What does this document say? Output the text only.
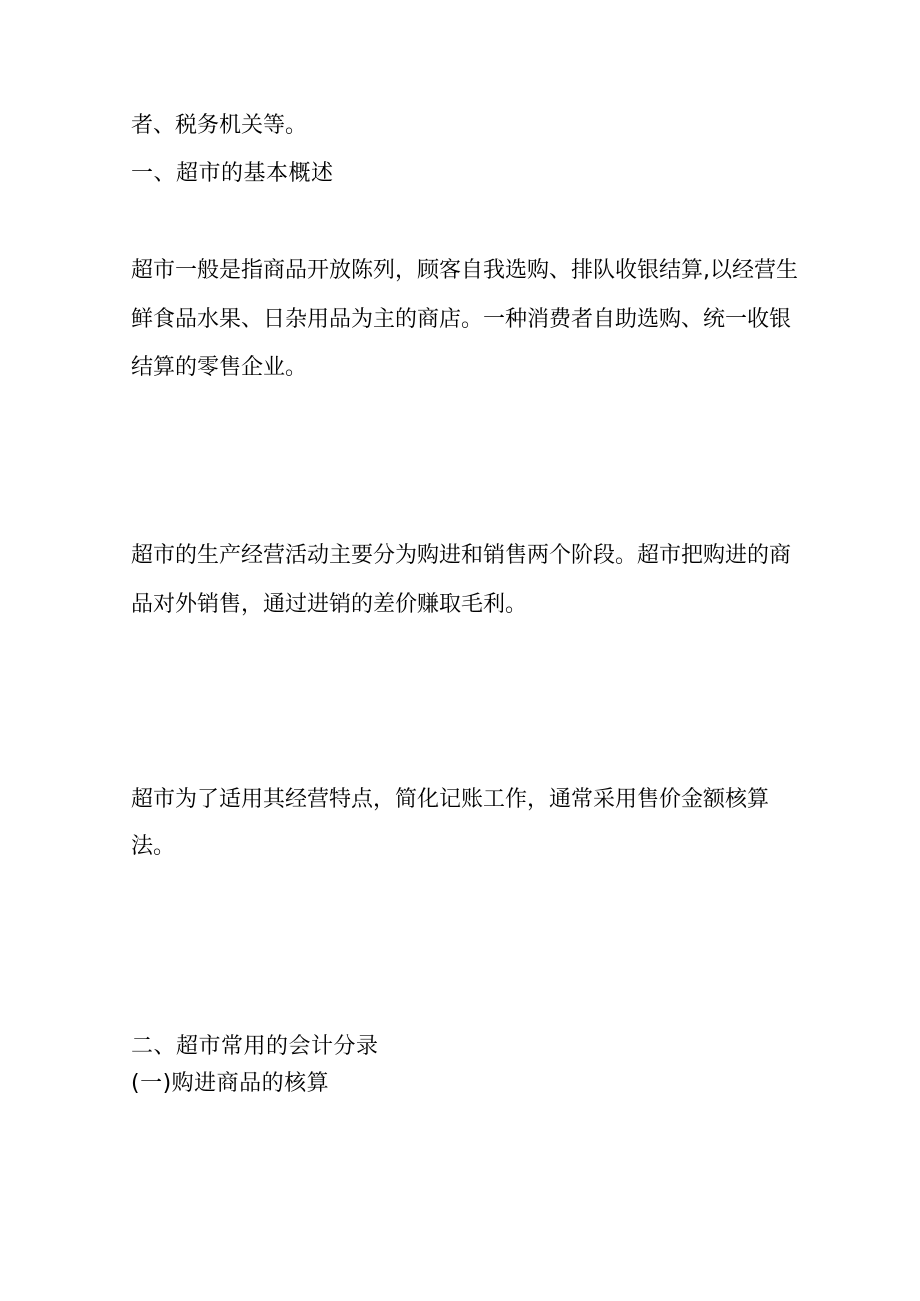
者、税务机关等。
一、超市的基本概述
超市一般是指商品开放陈列，顾客自我选购、排队收银结算,以经营生
鲜食品水果、日杂用品为主的商店。一种消费者自助选购、统一收银
结算的零售企业。
超市的生产经营活动主要分为购进和销售两个阶段。超市把购进的商
品对外销售，通过进销的差价赚取毛利。
超市为了适用其经营特点，简化记账工作，通常采用售价金额核算
法。
二、超市常用的会计分录
(一)购进商品的核算
